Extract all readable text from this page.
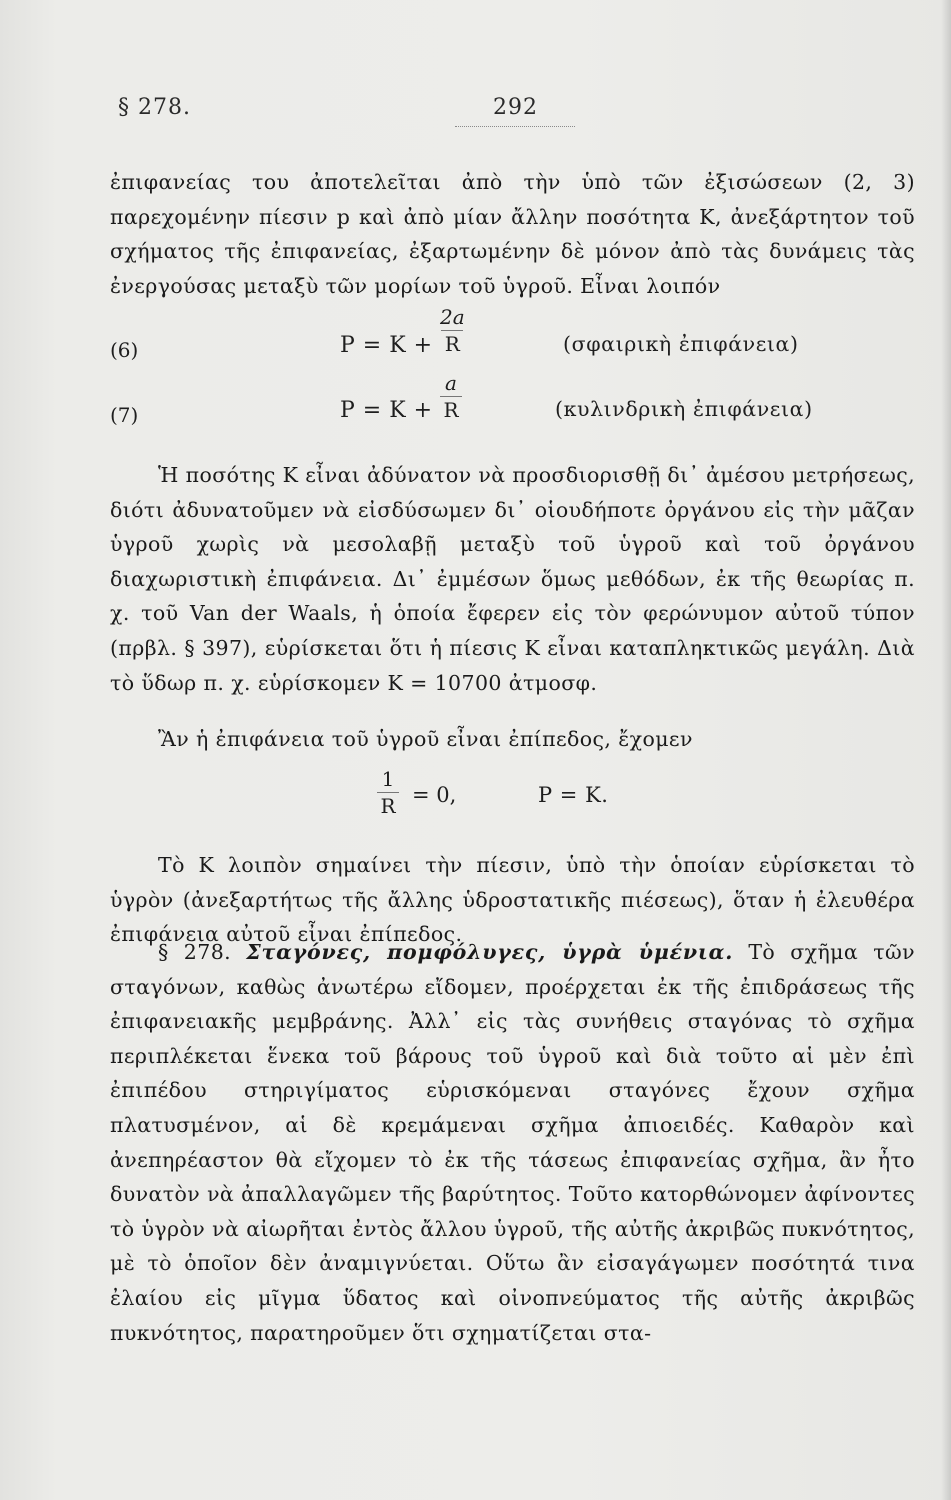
§ 278.	292
ἐπιφανείας του ἀποτελεῖται ἀπὸ τὴν ὑπὸ τῶν ἐξισώσεων (2, 3) παρεχομένην πίεσιν p καὶ ἀπὸ μίαν ἄλλην ποσότητα Κ, ἀνεξάρτητον τοῦ σχήματος τῆς ἐπιφανείας, ἐξαρτωμένην δὲ μόνον ἀπὸ τὰς δυνάμεις τὰς ἐνεργούσας μεταξὺ τῶν μορίων τοῦ ὑγροῦ. Εἶναι λοιπόν
(6)	P = K +
2a
R	(σφαιρικὴ ἐπιφάνεια)
(7)	P = K +
a
R	(κυλινδρικὴ ἐπιφάνεια)
Ἡ ποσότης Κ εἶναι ἀδύνατον νὰ προσδιορισθῇ δι᾽ ἀμέσου μετρήσεως, διότι ἀδυνατοῦμεν νὰ εἰσδύσωμεν δι᾽ οἱουδήποτε ὀργάνου εἰς τὴν μᾶζαν ὑγροῦ χωρὶς νὰ μεσολαβῇ μεταξὺ τοῦ ὑγροῦ καὶ τοῦ ὀργάνου διαχωριστικὴ ἐπιφάνεια. Δι᾽ ἐμμέσων ὅμως μεθόδων, ἐκ τῆς θεωρίας π. χ. τοῦ Van der Waals, ἡ ὁποία ἔφερεν εἰς τὸν φερώνυμον αὐτοῦ τύπον (πρβλ. § 397), εὑρίσκεται ὅτι ἡ πίεσις Κ εἶναι καταπληκτικῶς μεγάλη. Διὰ τὸ ὕδωρ π. χ. εὑρίσκομεν Κ = 10700 ἀτμοσφ.
Ἂν ἡ ἐπιφάνεια τοῦ ὑγροῦ εἶναι ἐπίπεδος, ἔχομεν
1
R = 0,	P = K.
Τὸ Κ λοιπὸν σημαίνει τὴν πίεσιν, ὑπὸ τὴν ὁποίαν εὑρίσκεται τὸ ὑγρὸν (ἀνεξαρτήτως τῆς ἄλλης ὑδροστατικῆς πιέσεως), ὅταν ἡ ἐλευθέρα ἐπιφάνεια αὐτοῦ εἶναι ἐπίπεδος.
§ 278. Σταγόνες, πομφόλυγες, ὑγρὰ ὑμένια. Τὸ σχῆμα τῶν σταγόνων, καθὼς ἀνωτέρω εἴδομεν, προέρχεται ἐκ τῆς ἐπιδράσεως τῆς ἐπιφανειακῆς μεμβράνης. Ἀλλ᾽ εἰς τὰς συνήθεις σταγόνας τὸ σχῆμα περιπλέκεται ἕνεκα τοῦ βάρους τοῦ ὑγροῦ καὶ διὰ τοῦτο αἱ μὲν ἐπὶ ἐπιπέδου στηριγίματος εὑρισκόμεναι σταγόνες ἔχουν σχῆμα πλατυσμένον, αἱ δὲ κρεμάμεναι σχῆμα ἀπιοειδές. Καθαρὸν καὶ ἀνεπηρέαστον θὰ εἴχομεν τὸ ἐκ τῆς τάσεως ἐπιφανείας σχῆμα, ἂν ἦτο δυνατὸν νὰ ἀπαλλαγῶμεν τῆς βαρύτητος. Τοῦτο κατορθώνομεν ἀφίνοντες τὸ ὑγρὸν νὰ αἰωρῆται ἐντὸς ἄλλου ὑγροῦ, τῆς αὐτῆς ἀκριβῶς πυκνότητος, μὲ τὸ ὁποῖον δὲν ἀναμιγνύεται. Οὕτω ἂν εἰσαγάγωμεν ποσότητά τινα ἐλαίου εἰς μῖγμα ὕδατος καὶ οἰνοπνεύματος τῆς αὐτῆς ἀκριβῶς πυκνότητος, παρατηροῦμεν ὅτι σχηματίζεται στα-
